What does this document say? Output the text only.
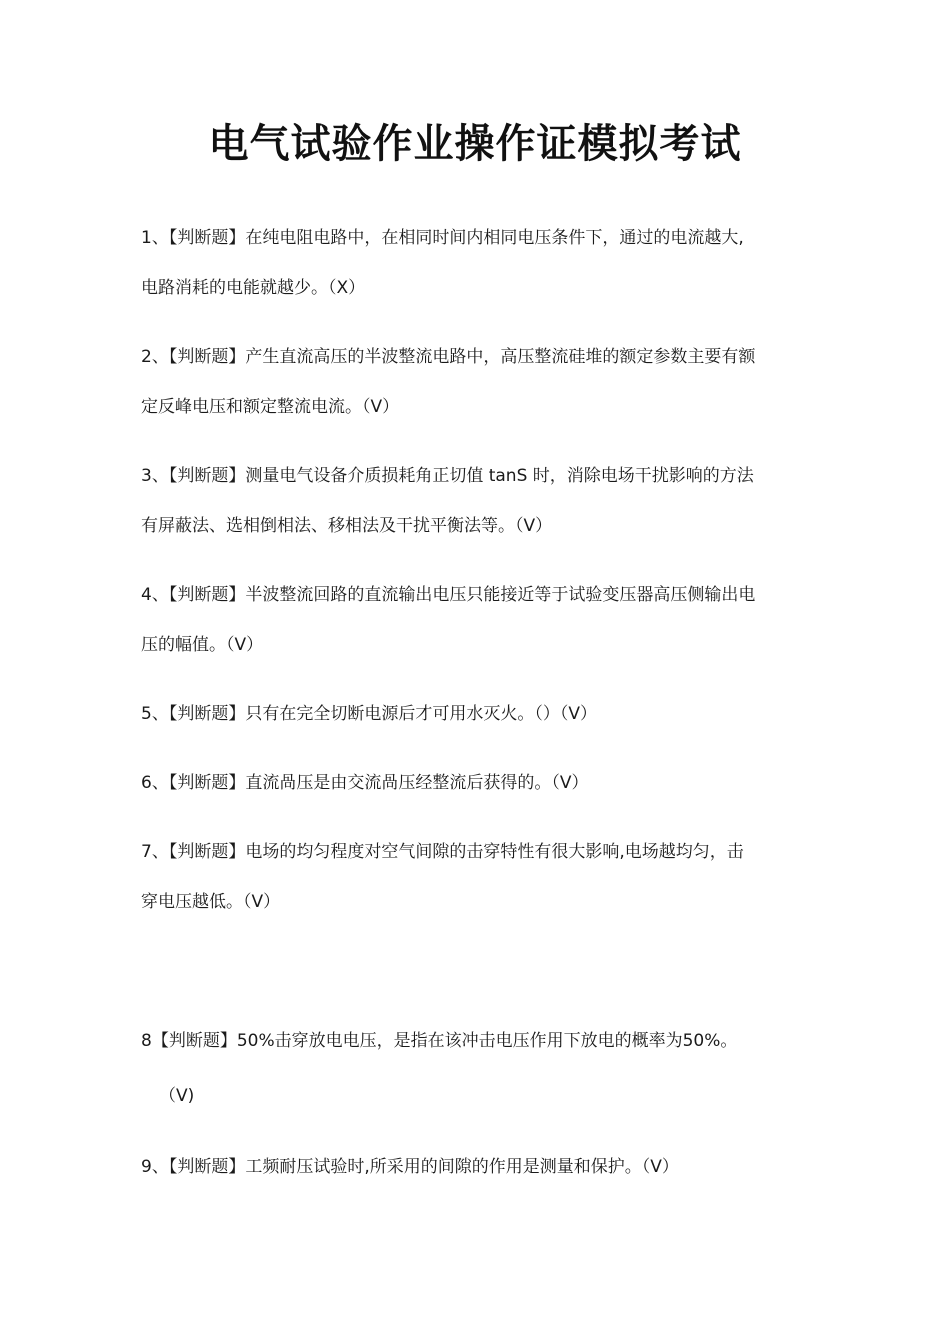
电气试验作业操作证模拟考试
1、【判断题】在纯电阻电路中，在相同时间内相同电压条件下，通过的电流越大,
电路消耗的电能就越少。（X）
2、【判断题】产生直流高压的半波整流电路中，高压整流硅堆的额定参数主要有额
定反峰电压和额定整流电流。（V）
3、【判断题】测量电气设备介质损耗角正切值 tanS 时，消除电场干扰影响的方法
有屏蔽法、选相倒相法、移相法及干扰平衡法等。（V）
4、【判断题】半波整流回路的直流输出电压只能接近等于试验变压器高压侧输出电
压的幅值。（V）
5、【判断题】只有在完全切断电源后才可用水灭火。（）（V）
6、【判断题】直流咼压是由交流咼压经整流后获得的。（V）
7、【判断题】电场的均匀程度对空气间隙的击穿特性有很大影响,电场越均匀，击
穿电压越低。（V）
8【判断题】50%击穿放电电压，是指在该冲击电压作用下放电的概率为50%。
（V)
9、【判断题】工频耐压试验时,所采用的间隙的作用是测量和保护。（V）
